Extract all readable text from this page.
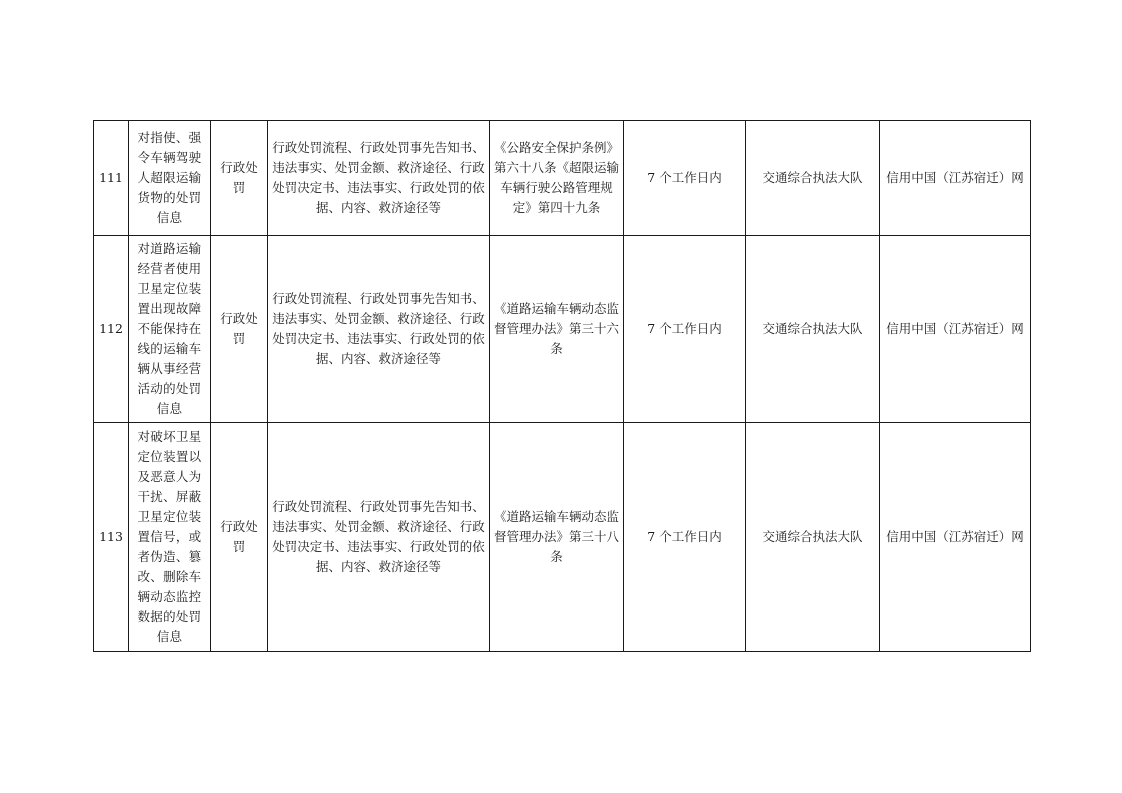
111	对指使、强令车辆驾驶人超限运输货物的处罚信息	行政处罚	行政处罚流程、行政处罚事先告知书、违法事实、处罚金额、救济途径、行政处罚决定书、违法事实、行政处罚的依据、内容、救济途径等	《公路安全保护条例》第六十八条《超限运输车辆行驶公路管理规定》第四十九条	7 个工作日内	交通综合执法大队	信用中国（江苏宿迁）网
112	对道路运输经营者使用卫星定位装置出现故障不能保持在线的运输车辆从事经营活动的处罚信息	行政处罚	行政处罚流程、行政处罚事先告知书、违法事实、处罚金额、救济途径、行政处罚决定书、违法事实、行政处罚的依据、内容、救济途径等	《道路运输车辆动态监督管理办法》第三十六条	7 个工作日内	交通综合执法大队	信用中国（江苏宿迁）网
113	对破坏卫星定位装置以及恶意人为干扰、屏蔽卫星定位装置信号，或者伪造、篡改、删除车辆动态监控数据的处罚信息	行政处罚	行政处罚流程、行政处罚事先告知书、违法事实、处罚金额、救济途径、行政处罚决定书、违法事实、行政处罚的依据、内容、救济途径等	《道路运输车辆动态监督管理办法》第三十八条	7 个工作日内	交通综合执法大队	信用中国（江苏宿迁）网
